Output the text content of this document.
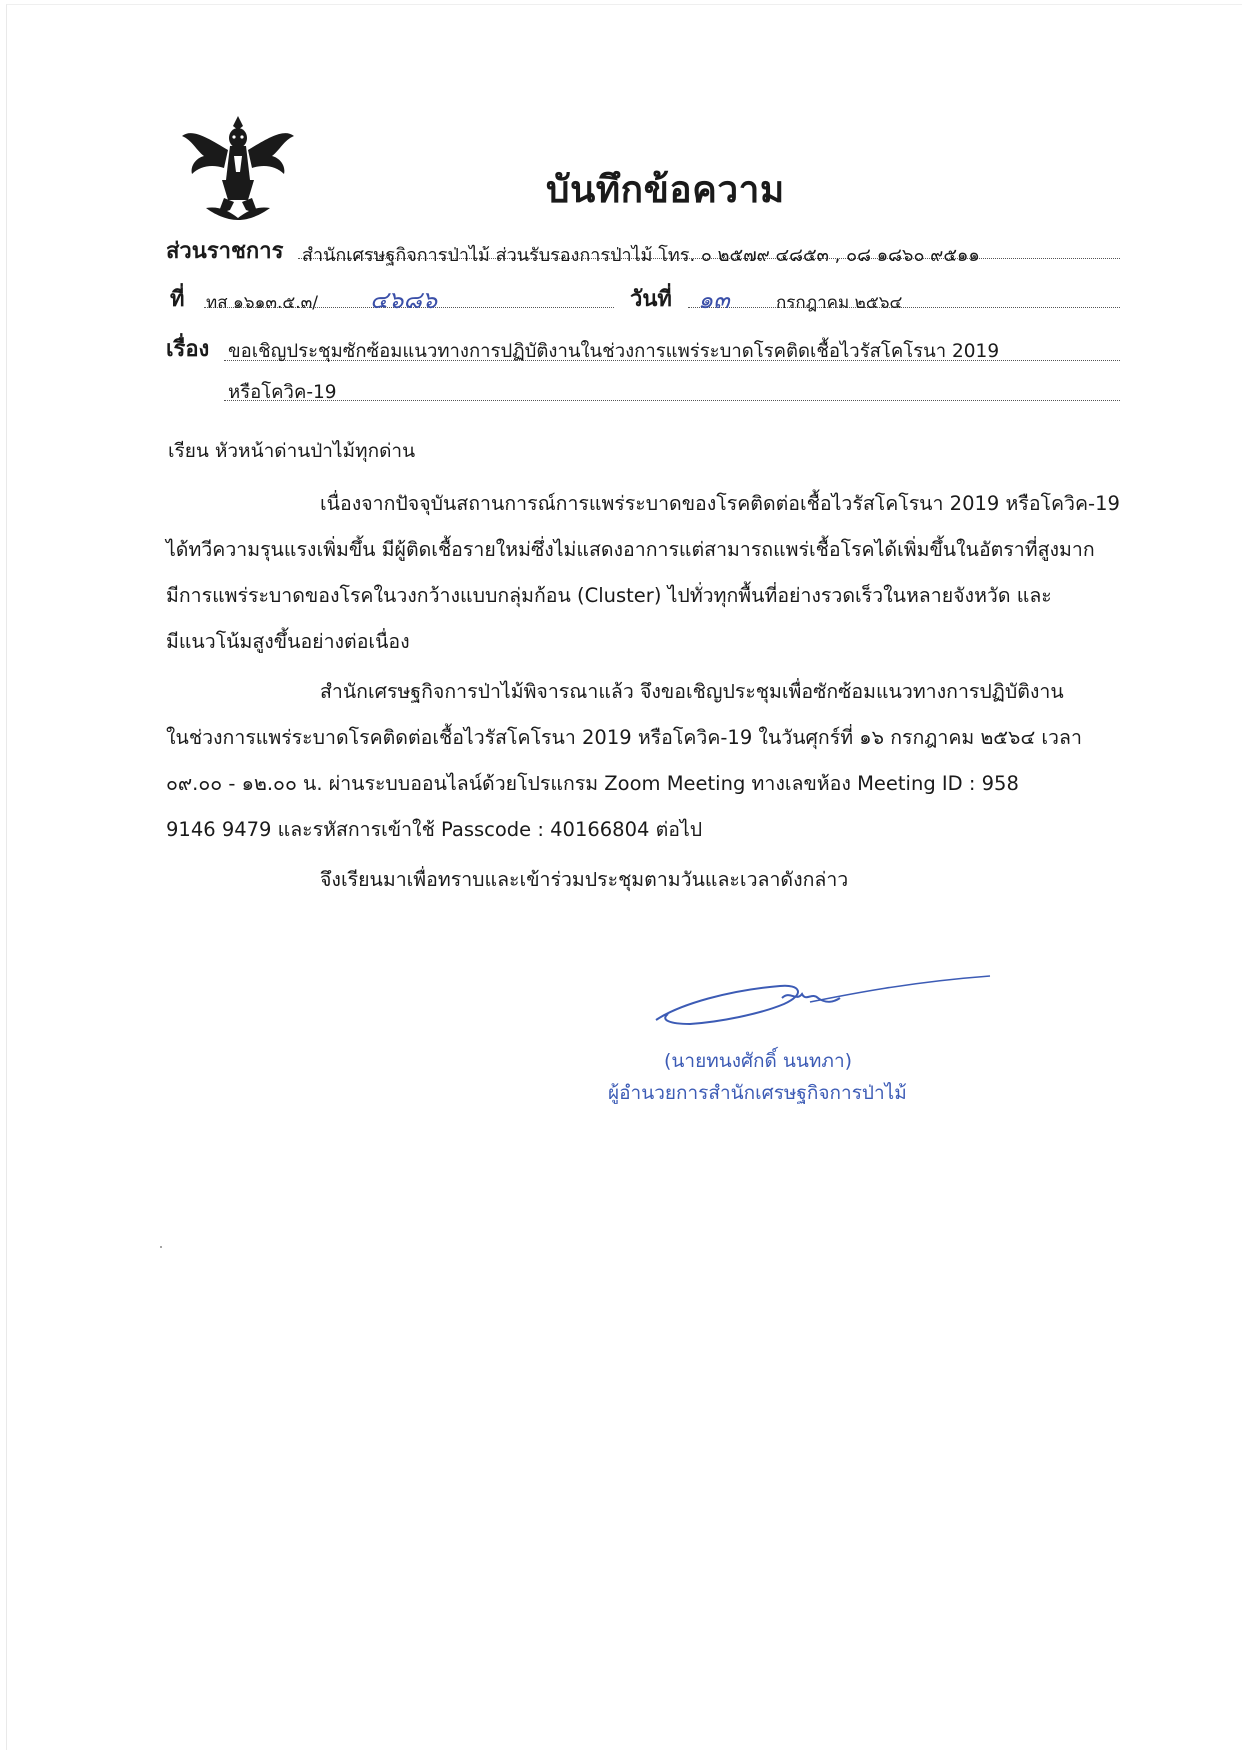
บันทึกข้อความ
ส่วนราชการ สำนักเศรษฐกิจการป่าไม้ ส่วนรับรองการป่าไม้ โทร. ๐ ๒๕๗๙ ๔๘๕๓ , ๐๘ ๑๘๖๐ ๙๕๑๑
ที่ ทส ๑๖๑๓.๕.๓/ ๔๖๘๖	วันที่ ๑๓	กรกฎาคม ๒๕๖๔
เรื่อง ขอเชิญประชุมซักซ้อมแนวทางการปฏิบัติงานในช่วงการแพร่ระบาดโรคติดเชื้อไวรัสโคโรนา 2019
หรือโควิค-19
เรียน หัวหน้าด่านป่าไม้ทุกด่าน
เนื่องจากปัจจุบันสถานการณ์การแพร่ระบาดของโรคติดต่อเชื้อไวรัสโคโรนา 2019 หรือโควิค-19
ได้ทวีความรุนแรงเพิ่มขึ้น มีผู้ติดเชื้อรายใหม่ซึ่งไม่แสดงอาการแต่สามารถแพร่เชื้อโรคได้เพิ่มขึ้นในอัตราที่สูงมาก
มีการแพร่ระบาดของโรคในวงกว้างแบบกลุ่มก้อน (Cluster) ไปทั่วทุกพื้นที่อย่างรวดเร็วในหลายจังหวัด และ
มีแนวโน้มสูงขึ้นอย่างต่อเนื่อง
สำนักเศรษฐกิจการป่าไม้พิจารณาแล้ว จึงขอเชิญประชุมเพื่อซักซ้อมแนวทางการปฏิบัติงาน
ในช่วงการแพร่ระบาดโรคติดต่อเชื้อไวรัสโคโรนา 2019 หรือโควิค-19 ในวันศุกร์ที่ ๑๖ กรกฎาคม ๒๕๖๔ เวลา
๐๙.๐๐ - ๑๒.๐๐ น. ผ่านระบบออนไลน์ด้วยโปรแกรม Zoom Meeting ทางเลขห้อง Meeting ID : 958
9146 9479 และรหัสการเข้าใช้ Passcode : 40166804 ต่อไป
จึงเรียนมาเพื่อทราบและเข้าร่วมประชุมตามวันและเวลาดังกล่าว
(นายทนงศักดิ์ นนทภา)
ผู้อำนวยการสำนักเศรษฐกิจการป่าไม้
